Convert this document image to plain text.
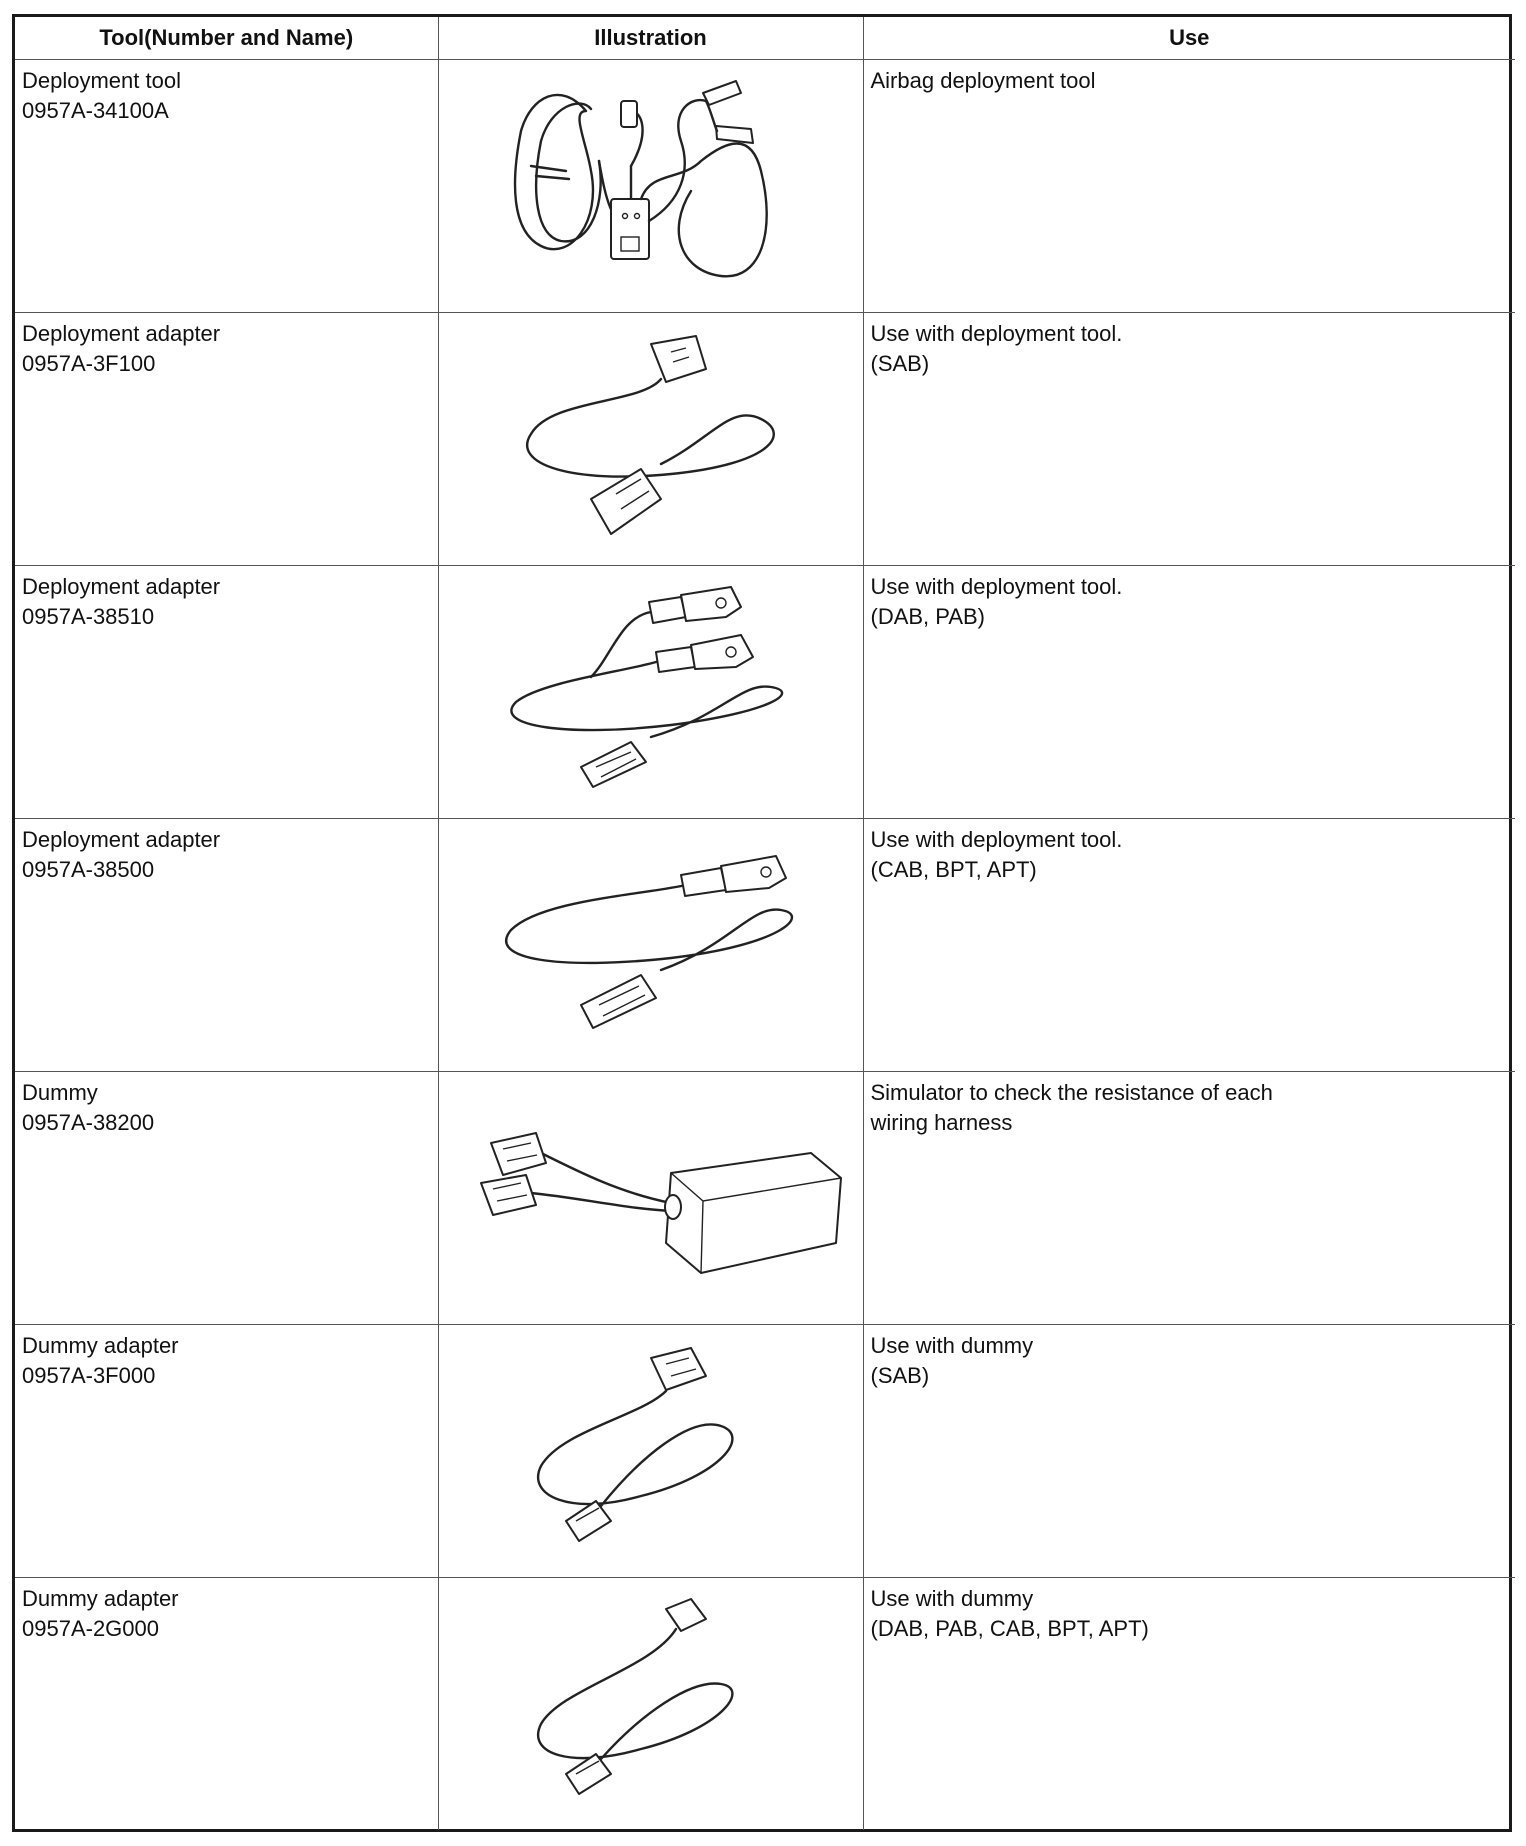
Tool(Number and Name)	Illustration	Use

Deployment tool
0957A-34100A		Airbag deployment tool

Deployment adapter
0957A-3F100		Use with deployment tool.
(SAB)

Deployment adapter
0957A-38510		Use with deployment tool.
(DAB, PAB)

Deployment adapter
0957A-38500		Use with deployment tool.
(CAB, BPT, APT)

Dummy
0957A-38200		Simulator to check the resistance of each
wiring harness

Dummy adapter
0957A-3F000		Use with dummy
(SAB)

Dummy adapter
0957A-2G000		Use with dummy
(DAB, PAB, CAB, BPT, APT)
